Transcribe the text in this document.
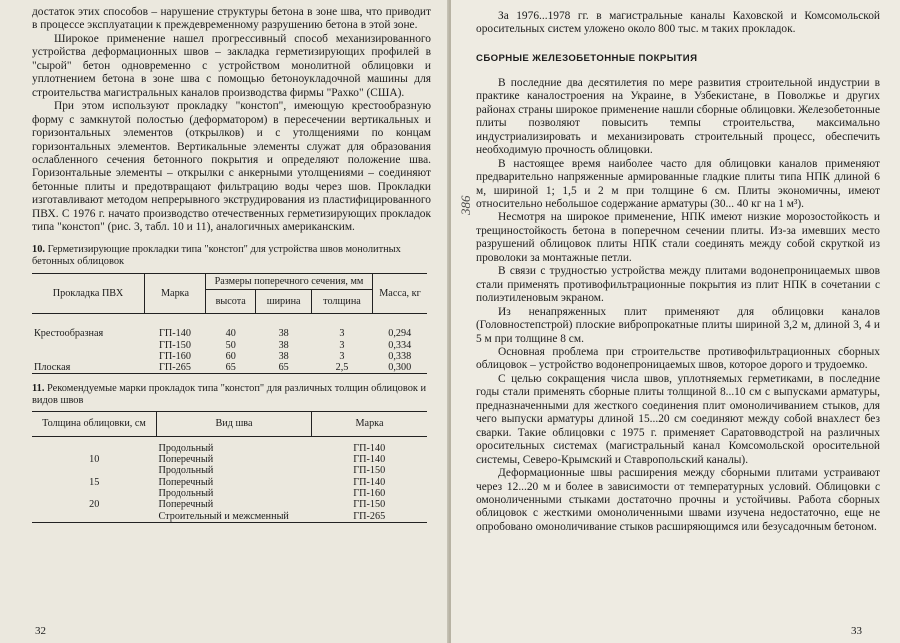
достаток этих способов – нарушение структуры бетона в зоне шва, что приводит в процессе эксплуатации к преждевременному разрушению бетона в этой зоне.

Широкое применение нашел прогрессивный способ механизированного устройства деформационных швов – закладка герметизирующих профилей в "сырой" бетон одновременно с устройством монолитной облицовки и уплотнением бетона в зоне шва с помощью бетоноукладочной машины для строительства магистральных каналов производства фирмы "Рахко" (США).

При этом используют прокладку "констоп", имеющую крестообразную форму с замкнутой полостью (деформатором) в пересечении вертикальных и горизонтальных элементов (открылков) и с утолщениями по концам горизонтальных элементов. Вертикальные элементы служат для образования ослабленного сечения бетонного покрытия и определяют положение шва. Горизонтальные элементы – открылки с анкерными утолщениями – соединяют бетонные плиты и предотвращают фильтрацию воды через шов. Прокладки изготавливают методом непрерывного экструдирования из пластифицированного ПВХ. С 1976 г. начато производство отечественных герметизирующих прокладок типа "констоп" (рис. 3, табл. 10 и 11), аналогичных американским.

10. Герметизирующие прокладки типа "констоп" для устройства швов монолитных бетонных облицовок
Прокладка ПВХ	Марка	Размеры поперечного сечения, мм			Масса, кг
		высота	ширина	толщина	

Крестообразная	ГП-140	40	38	3	0,294
	ГП-150	50	38	3	0,334
	ГП-160	60	38	3	0,338
Плоская	ГП-265	65	65	2,5	0,300
11. Рекомендуемые марки прокладок типа "констоп" для различных толщин облицовок и видов швов
Толщина облицовки, см	Вид шва	Марка

	Продольный	ГП-140
10	Поперечный	ГП-140
	Продольный	ГП-150
15	Поперечный	ГП-140
	Продольный	ГП-160
20	Поперечный	ГП-150
	Строительный и межсменный	ГП-265
32

За 1976...1978 гг. в магистральные каналы Каховской и Комсомольской оросительных систем уложено около 800 тыс. м таких прокладок.

СБОРНЫЕ ЖЕЛЕЗОБЕТОННЫЕ ПОКРЫТИЯ

В последние два десятилетия по мере развития строительной индустрии в практике каналостроения на Украине, в Узбекистане, в Поволжье и других районах страны широкое применение нашли сборные облицовки. Железобетонные плиты позволяют повысить темпы строительства, максимально индустриализировать и механизировать строительный процесс, обеспечить необходимую прочность облицовки.

В настоящее время наиболее часто для облицовки каналов применяют предварительно напряженные армированные гладкие плиты типа НПК длиной 6 м, шириной 1; 1,5 и 2 м при толщине 6 см. Плиты экономичны, имеют относительно небольшое содержание арматуры (30... 40 кг на 1 м³).

Несмотря на широкое применение, НПК имеют низкие морозостойкость и трещиностойкость бетона в поперечном сечении плиты. Из-за имевших место разрушений облицовок плиты НПК стали соединять между собой скруткой из проволоки за монтажные петли.

В связи с трудностью устройства между плитами водонепроницаемых швов стали применять противофильтрационные покрытия из плит НПК в сочетании с полиэтиленовым экраном.

Из ненапряженных плит применяют для облицовки каналов (Головностепстрой) плоские вибропрокатные плиты шириной 3,2 м, длиной 3, 4 и 5 м при толщине 8 см.

Основная проблема при строительстве противофильтрационных сборных облицовок – устройство водонепроницаемых швов, которое дорого и трудоемко.

С целью сокращения числа швов, уплотняемых герметиками, в последние годы стали применять сборные плиты толщиной 8...10 см с выпусками арматуры, предназначенными для жесткого соединения плит омоноличиванием стыков, для чего выпуски арматуры длиной 15...20 см соединяют между собой внахлест без сварки. Такие облицовки с 1975 г. применяет Саратовводстрой на различных оросительных системах (магистральный канал Комсомольской оросительной системы, Северо-Крымский и Ставропольский каналы).

Деформационные швы расширения между сборными плитами устраивают через 12...20 м и более в зависимости от температурных условий. Облицовки с омоноличенными стыками достаточно прочны и устойчивы. Работа сборных облицовок с жесткими омоноличенными швами изучена недостаточно, еще не опробовано омоноличивание стыков расширяющимся или безусадочным бетоном.

33
386
